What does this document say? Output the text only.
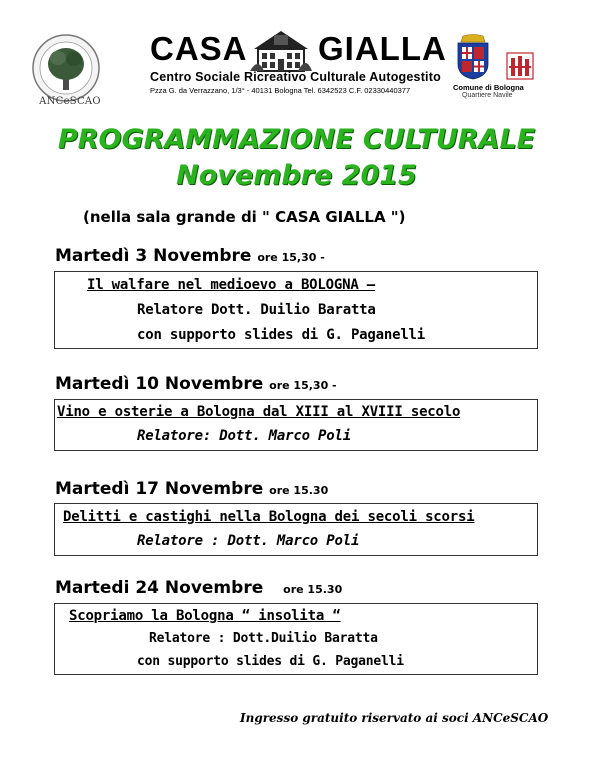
ANCeSCAO
CASA GIALLA
Centro Sociale Ricreativo Culturale Autogestito
Pzza G. da Verrazzano, 1/3° - 40131 Bologna Tel. 6342523 C.F. 02330440377	Comune di Bologna
Quartiere Navile
PROGRAMMAZIONE CULTURALE
Novembre 2015
(nella sala grande di " CASA GIALLA ")
Martedì 3 Novembre ore 15,30 -
Il walfare nel medioevo a BOLOGNA –
Relatore Dott. Duilio Baratta
con supporto slides di G. Paganelli
Martedì 10 Novembre ore 15,30 -
Vino e osterie a Bologna dal XIII al XVIII secolo
Relatore: Dott. Marco Poli
Martedì 17 Novembre ore 15.30
Delitti e castighi nella Bologna dei secoli scorsi
Relatore : Dott. Marco Poli
Martedi 24 Novembre ore 15.30
Scopriamo la Bologna “ insolita “
Relatore : Dott.Duilio Baratta
con supporto slides di G. Paganelli
Ingresso gratuito riservato ai soci ANCeSCAO
